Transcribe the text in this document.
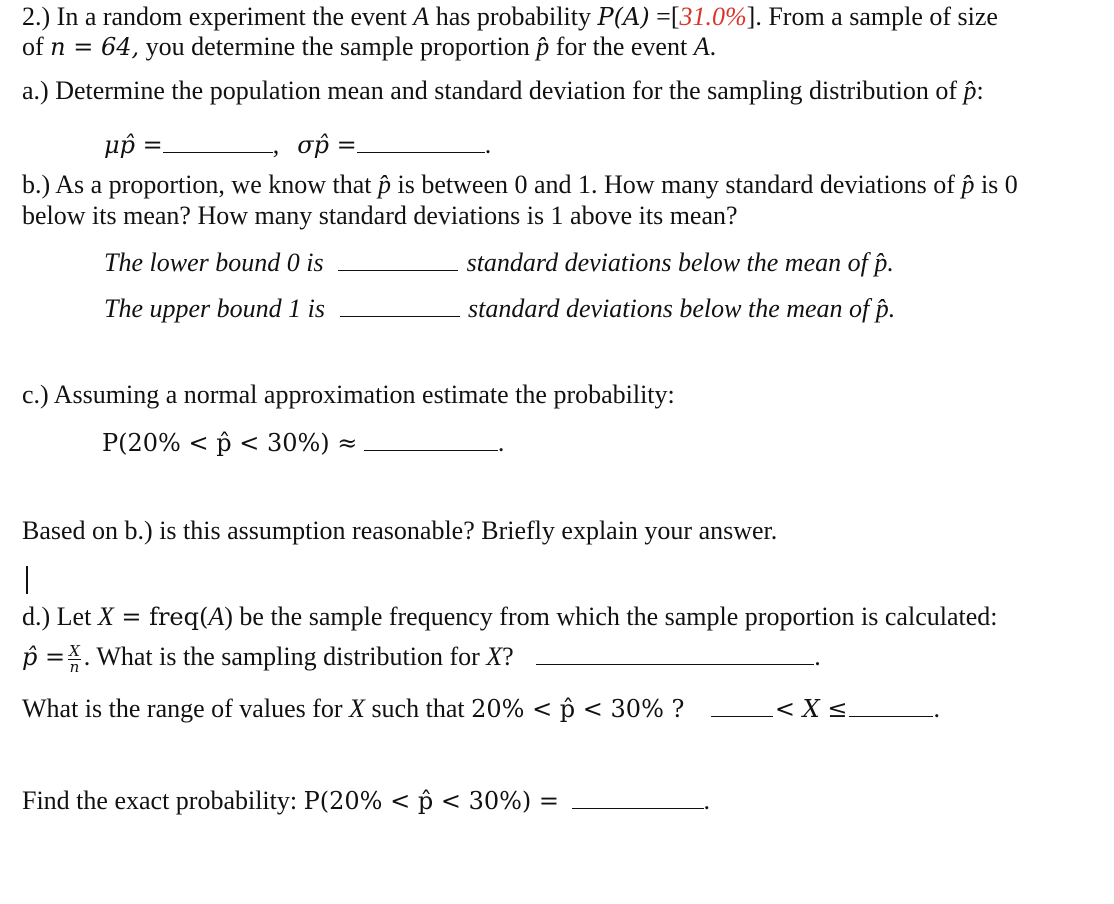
2.) In a random experiment the event A has probability P(A) =[31.0%]. From a sample of size
of n = 64, you determine the sample proportion p̂ for the event A.
a.) Determine the population mean and standard deviation for the sampling distribution of p̂:
μp̂ =	, σp̂ =	.
b.) As a proportion, we know that p̂ is between 0 and 1. How many standard deviations of p̂ is 0
below its mean? How many standard deviations is 1 above its mean?
The lower bound 0 is	standard deviations below the mean of p̂.
The upper bound 1 is	standard deviations below the mean of p̂.
c.) Assuming a normal approximation estimate the probability:
P(20% < p̂ < 30%) ≈	.
Based on b.) is this assumption reasonable? Briefly explain your answer.
d.) Let X = freq(A) be the sample frequency from which the sample proportion is calculated:
p̂ = $\frac{X}{n}$ . What is the sampling distribution for X?	.
What is the range of values for X such that 20% < p̂ < 30% ?	< X ≤	.
Find the exact probability: P(20% < p̂ < 30%) =	.
